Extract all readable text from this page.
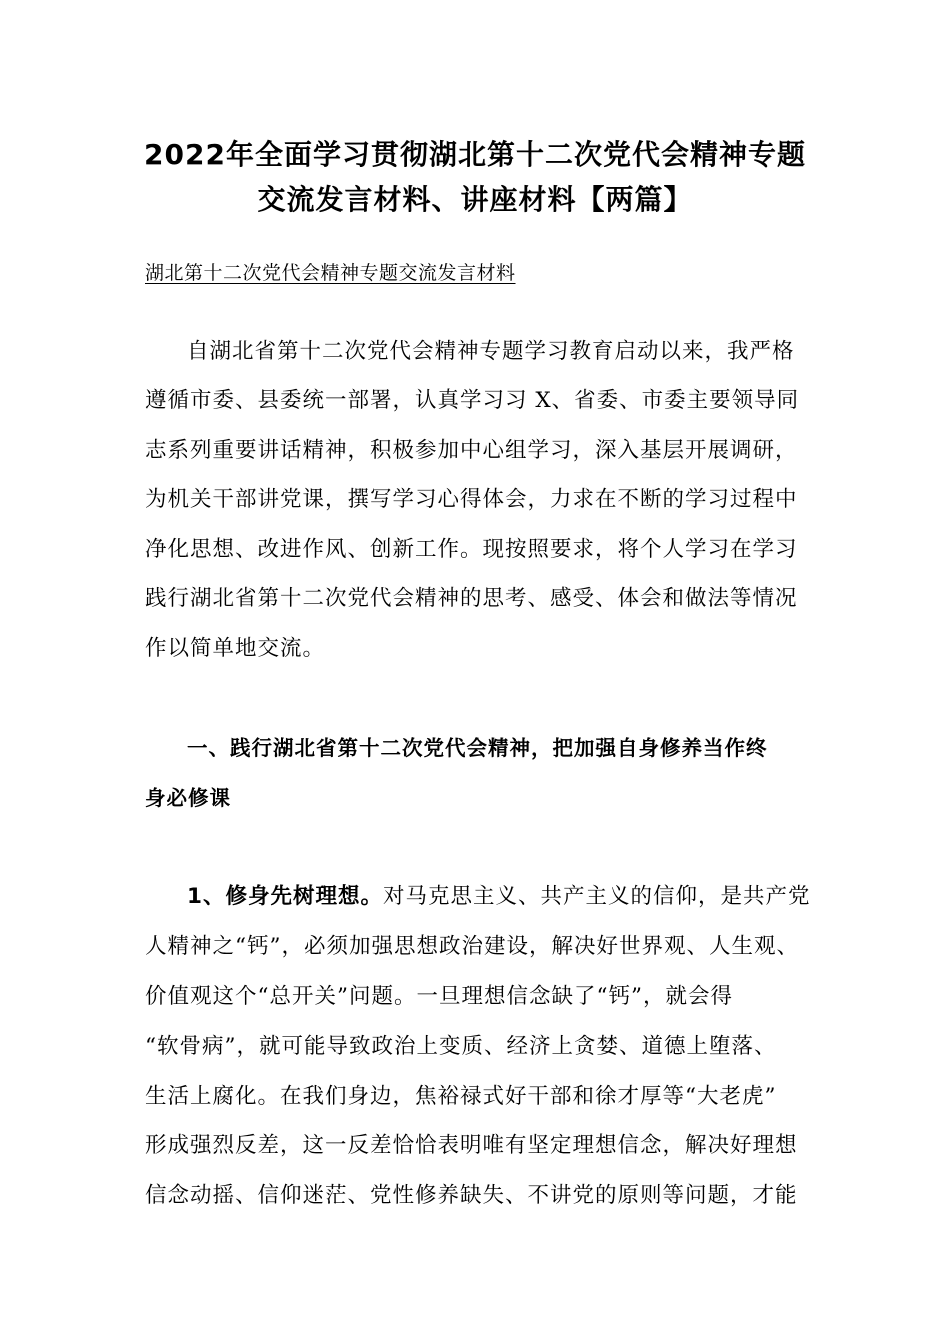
2022年全面学习贯彻湖北第十二次党代会精神专题
交流发言材料、讲座材料【两篇】
湖北第十二次党代会精神专题交流发言材料
自湖北省第十二次党代会精神专题学习教育启动以来，我严格
遵循市委、县委统一部署，认真学习习 X、省委、市委主要领导同
志系列重要讲话精神，积极参加中心组学习，深入基层开展调研，
为机关干部讲党课，撰写学习心得体会，力求在不断的学习过程中
净化思想、改进作风、创新工作。现按照要求，将个人学习在学习
践行湖北省第十二次党代会精神的思考、感受、体会和做法等情况
作以简单地交流。
一、践行湖北省第十二次党代会精神，把加强自身修养当作终
身必修课
1、修身先树理想。对马克思主义、共产主义的信仰，是共产党
人精神之“钙”，必须加强思想政治建设，解决好世界观、人生观、
价值观这个“总开关”问题。一旦理想信念缺了“钙”，就会得
“软骨病”，就可能导致政治上变质、经济上贪婪、道德上堕落、
生活上腐化。在我们身边，焦裕禄式好干部和徐才厚等“大老虎”
形成强烈反差，这一反差恰恰表明唯有坚定理想信念，解决好理想
信念动摇、信仰迷茫、党性修养缺失、不讲党的原则等问题，才能
